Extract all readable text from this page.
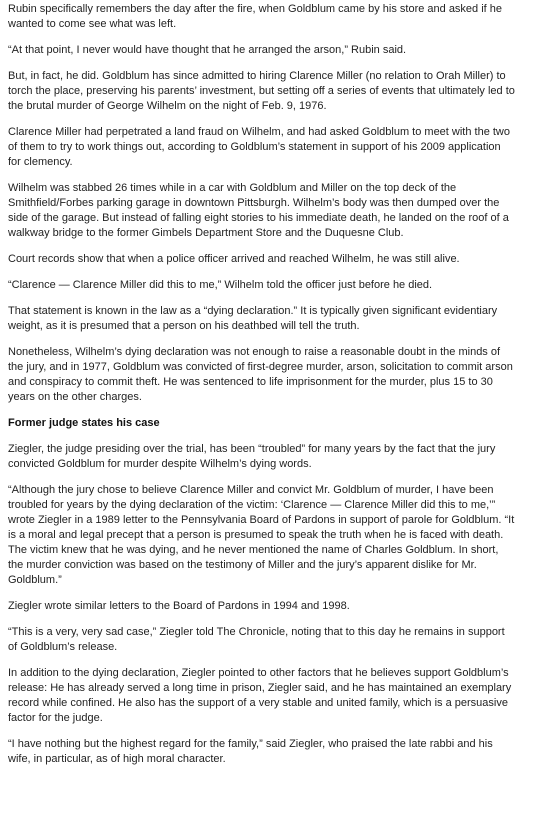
Rubin specifically remembers the day after the fire, when Goldblum came by his store and asked if he wanted to come see what was left.

“At that point, I never would have thought that he arranged the arson,” Rubin said.

But, in fact, he did. Goldblum has since admitted to hiring Clarence Miller (no relation to Orah Miller) to torch the place, preserving his parents’ investment, but setting off a series of events that ultimately led to the brutal murder of George Wilhelm on the night of Feb. 9, 1976.

Clarence Miller had perpetrated a land fraud on Wilhelm, and had asked Goldblum to meet with the two of them to try to work things out, according to Goldblum’s statement in support of his 2009 application for clemency.

Wilhelm was stabbed 26 times while in a car with Goldblum and Miller on the top deck of the Smithfield/Forbes parking garage in downtown Pittsburgh. Wilhelm’s body was then dumped over the side of the garage. But instead of falling eight stories to his immediate death, he landed on the roof of a walkway bridge to the former Gimbels Department Store and the Duquesne Club.

Court records show that when a police officer arrived and reached Wilhelm, he was still alive.

“Clarence — Clarence Miller did this to me,” Wilhelm told the officer just before he died.

That statement is known in the law as a “dying declaration.” It is typically given significant evidentiary weight, as it is presumed that a person on his deathbed will tell the truth.

Nonetheless, Wilhelm’s dying declaration was not enough to raise a reasonable doubt in the minds of the jury, and in 1977, Goldblum was convicted of first-degree murder, arson, solicitation to commit arson and conspiracy to commit theft. He was sentenced to life imprisonment for the murder, plus 15 to 30 years on the other charges.

Former judge states his case

Ziegler, the judge presiding over the trial, has been “troubled” for many years by the fact that the jury convicted Goldblum for murder despite Wilhelm’s dying words.

“Although the jury chose to believe Clarence Miller and convict Mr. Goldblum of murder, I have been troubled for years by the dying declaration of the victim: ‘Clarence — Clarence Miller did this to me,’” wrote Ziegler in a 1989 letter to the Pennsylvania Board of Pardons in support of parole for Goldblum. “It is a moral and legal precept that a person is presumed to speak the truth when he is faced with death. The victim knew that he was dying, and he never mentioned the name of Charles Goldblum. In short, the murder conviction was based on the testimony of Miller and the jury’s apparent dislike for Mr. Goldblum.”

Ziegler wrote similar letters to the Board of Pardons in 1994 and 1998.

“This is a very, very sad case,” Ziegler told The Chronicle, noting that to this day he remains in support of Goldblum’s release.

In addition to the dying declaration, Ziegler pointed to other factors that he believes support Goldblum’s release: He has already served a long time in prison, Ziegler said, and he has maintained an exemplary record while confined. He also has the support of a very stable and united family, which is a persuasive factor for the judge.

“I have nothing but the highest regard for the family,” said Ziegler, who praised the late rabbi and his wife, in particular, as of high moral character.
